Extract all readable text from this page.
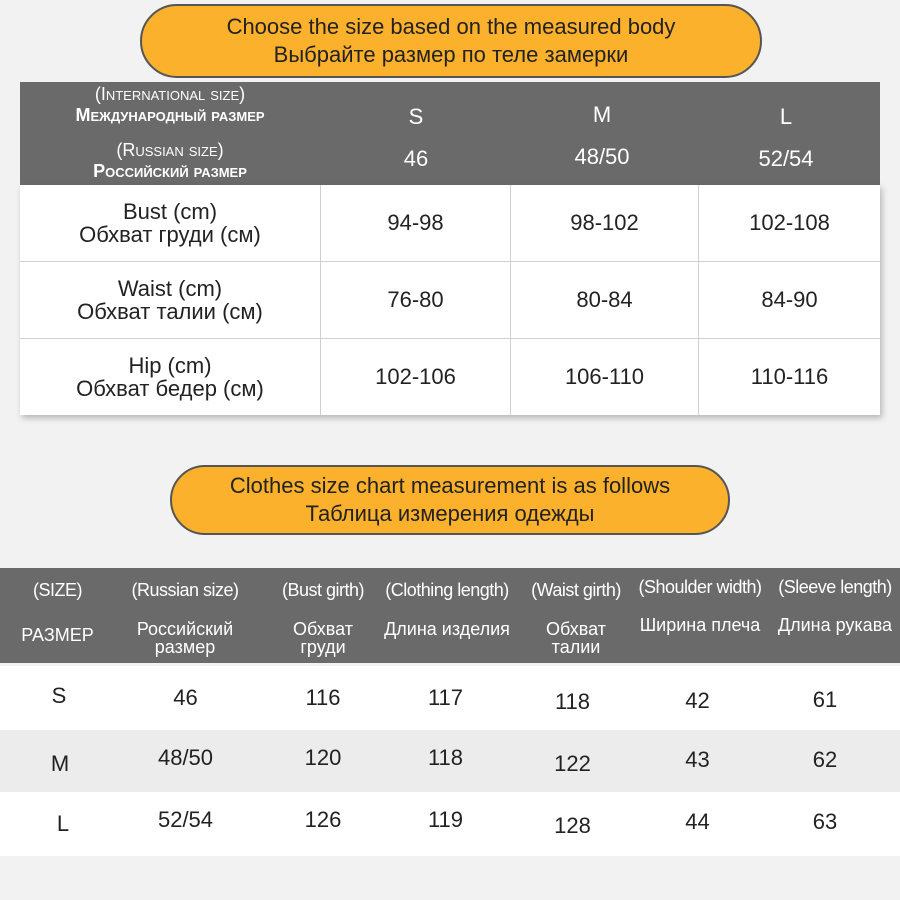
Choose the size based on the measured body
Выбрайте размер по теле замерки
(International size)
Международный размер
(Russian size)
Российский размер
S	M	L
46	48/50	52/54
Bust (cm)
Обхват груди (см)	94-98	98-102	102-108
Waist (cm)
Обхват талии (см)	76-80	80-84	84-90
Hip (cm)
Обхват бедер (см)	102-106	106-110	110-116
Clothes size chart measurement is as follows
Таблица измерения одежды
(SIZE)
РАЗМЕР
(Russian size)
Российский размер
(Bust girth)
Обхват груди
(Clothing length)
Длина изделия
(Waist girth)
Обхват талии
(Shoulder width)
Ширина плеча
(Sleeve length)
Длина рукава
S	46	116	117	118	42	61
M	48/50	120	118	122	43	62
L	52/54	126	119	128	44	63
